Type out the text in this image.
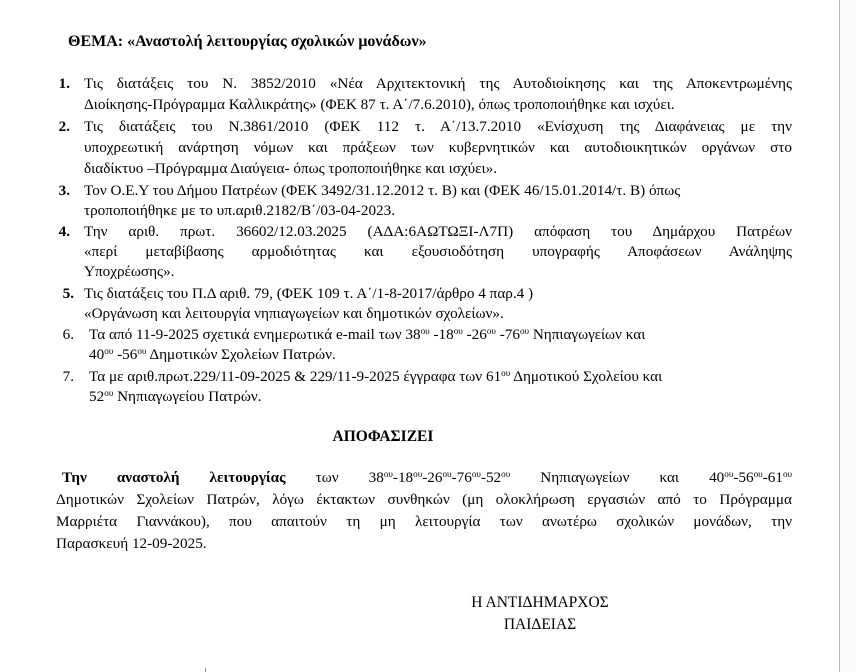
ΘΕΜΑ: «Αναστολή λειτουργίας σχολικών μονάδων»
1. Τις διατάξεις του Ν. 3852/2010 «Νέα Αρχιτεκτονική της Αυτοδιοίκησης και της Αποκεντρωμένης
Διοίκησης-Πρόγραμμα Καλλικράτης» (ΦΕΚ 87 τ. Α΄/7.6.2010), όπως τροποποιήθηκε και ισχύει.
2. Τις διατάξεις του Ν.3861/2010 (ΦΕΚ 112 τ. Α΄/13.7.2010 «Ενίσχυση της Διαφάνειας με την
υποχρεωτική ανάρτηση νόμων και πράξεων των κυβερνητικών και αυτοδιοικητικών οργάνων στο
διαδίκτυο –Πρόγραμμα Διαύγεια- όπως τροποποιήθηκε και ισχύει».
3. Τον Ο.Ε.Υ του Δήμου Πατρέων (ΦΕΚ 3492/31.12.2012 τ. Β) και (ΦΕΚ 46/15.01.2014/τ. Β) όπως
τροποποιήθηκε με το υπ.αριθ.2182/Β΄/03-04-2023.
4. Την αριθ. πρωτ. 36602/12.03.2025 (ΑΔΑ:6ΑΩΤΩΞΙ-Λ7Π) απόφαση του Δημάρχου Πατρέων
«περί μεταβίβασης αρμοδιότητας και εξουσιοδότηση υπογραφής Αποφάσεων Ανάληψης
Υποχρέωσης».
5. Τις διατάξεις του Π.Δ αριθ. 79, (ΦΕΚ 109 τ. Α΄/1-8-2017/άρθρο 4 παρ.4 )
«Οργάνωση και λειτουργία νηπιαγωγείων και δημοτικών σχολείων».
6. Τα από 11-9-2025 σχετικά ενημερωτικά e-mail των $38^{o\upsilon}$ $-18^{o\upsilon}$ $-26^{o\upsilon}$ $-76^{o\upsilon}$ Νηπιαγωγείων και
$40^{o\upsilon}$ $-56^{o\upsilon}$ Δημοτικών Σχολείων Πατρών.
7. Τα με αριθ.πρωτ.229/11-09-2025 & 229/11-9-2025 έγγραφα των $61^{o\upsilon}$ Δημοτικού Σχολείου και
$52^{o\upsilon}$ Νηπιαγωγείου Πατρών.
ΑΠΟΦΑΣΙΖΕΙ
Την αναστολή λειτουργίας των $38^{o\upsilon}-18^{o\upsilon}-26^{o\upsilon}-76^{o\upsilon}-52^{o\upsilon}$ Νηπιαγωγείων και $40^{o\upsilon}-56^{o\upsilon}-61^{o\upsilon}$
Δημοτικών Σχολείων Πατρών, λόγω έκτακτων συνθηκών (μη ολοκλήρωση εργασιών από το Πρόγραμμα
Μαρριέτα Γιαννάκου), που απαιτούν τη μη λειτουργία των ανωτέρω σχολικών μονάδων, την
Παρασκευή 12-09-2025.
Η ΑΝΤΙΔΗΜΑΡΧΟΣ
ΠΑΙΔΕΙΑΣ
